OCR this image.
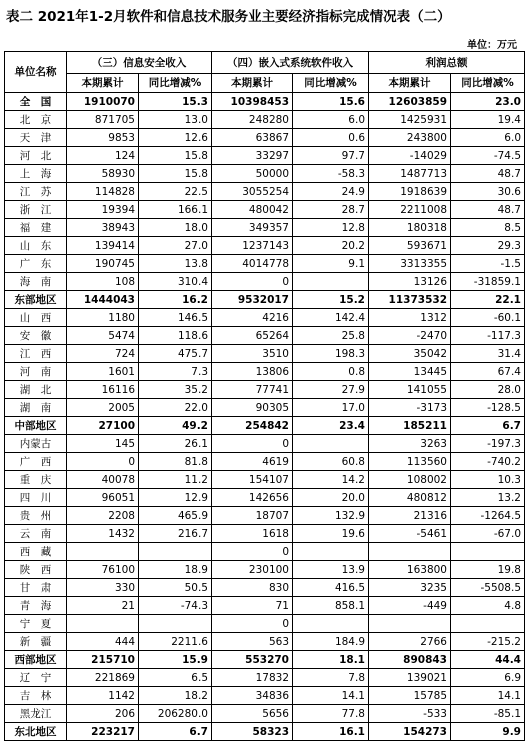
表二 2021年1-2月软件和信息技术服务业主要经济指标完成情况表（二）
单位：万元
单位名称	（三）信息安全收入		（四）嵌入式系统软件收入		利润总额	
	本期累计	同比增减%	本期累计	同比增减%	本期累计	同比增减%
全　国	1910070	15.3	10398453	15.6	12603859	23.0
北　京	871705	13.0	248280	6.0	1425931	19.4
天　津	9853	12.6	63867	0.6	243800	6.0
河　北	124	15.8	33297	97.7	-14029	-74.5
上　海	58930	15.8	50000	-58.3	1487713	48.7
江　苏	114828	22.5	3055254	24.9	1918639	30.6
浙　江	19394	166.1	480042	28.7	2211008	48.7
福　建	38943	18.0	349357	12.8	180318	8.5
山　东	139414	27.0	1237143	20.2	593671	29.3
广　东	190745	13.8	4014778	9.1	3313355	-1.5
海　南	108	310.4	0		13126	-31859.1
东部地区	1444043	16.2	9532017	15.2	11373532	22.1
山　西	1180	146.5	4216	142.4	1312	-60.1
安　徽	5474	118.6	65264	25.8	-2470	-117.3
江　西	724	475.7	3510	198.3	35042	31.4
河　南	1601	7.3	13806	0.8	13445	67.4
湖　北	16116	35.2	77741	27.9	141055	28.0
湖　南	2005	22.0	90305	17.0	-3173	-128.5
中部地区	27100	49.2	254842	23.4	185211	6.7
内蒙古	145	26.1	0		3263	-197.3
广　西	0	81.8	4619	60.8	113560	-740.2
重　庆	40078	11.2	154107	14.2	108002	10.3
四　川	96051	12.9	142656	20.0	480812	13.2
贵　州	2208	465.9	18707	132.9	21316	-1264.5
云　南	1432	216.7	1618	19.6	-5461	-67.0
西　藏			0			
陕　西	76100	18.9	230100	13.9	163800	19.8
甘　肃	330	50.5	830	416.5	3235	-5508.5
青　海	21	-74.3	71	858.1	-449	4.8
宁　夏			0			
新　疆	444	2211.6	563	184.9	2766	-215.2
西部地区	215710	15.9	553270	18.1	890843	44.4
辽　宁	221869	6.5	17832	7.8	139021	6.9
吉　林	1142	18.2	34836	14.1	15785	14.1
黑龙江	206	206280.0	5656	77.8	-533	-85.1
东北地区	223217	6.7	58323	16.1	154273	9.9
